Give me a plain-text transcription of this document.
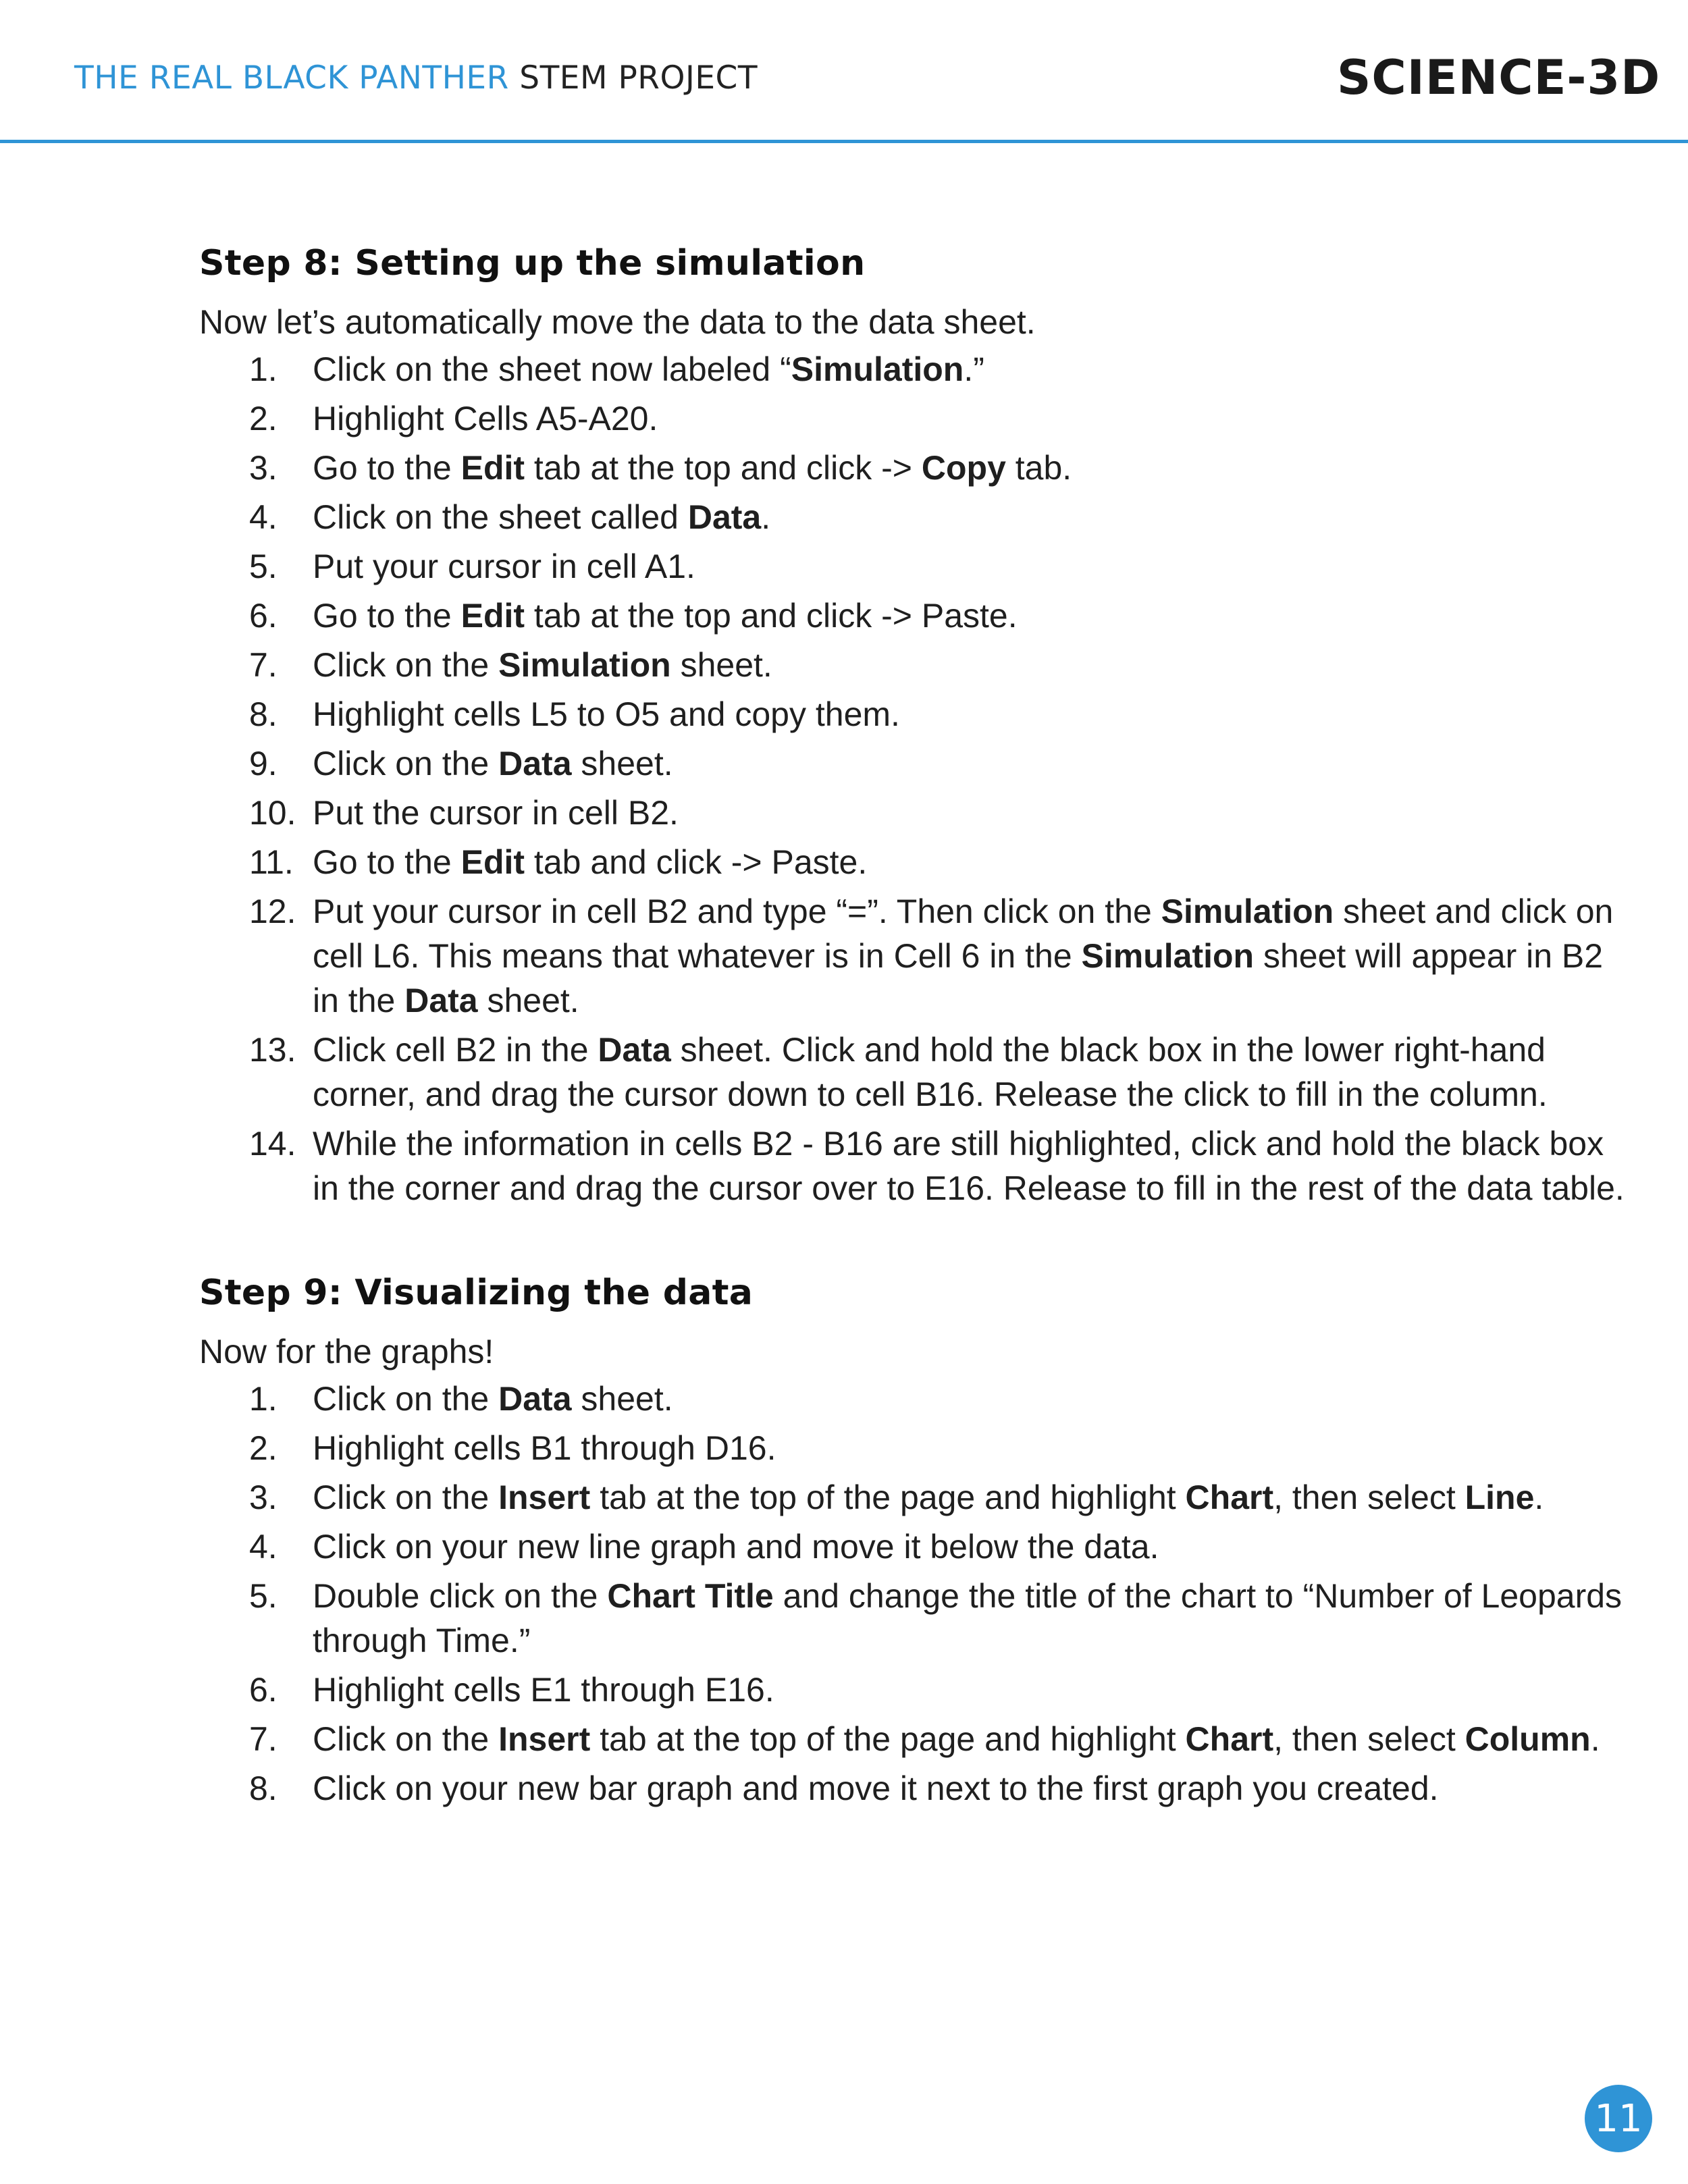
THE REAL BLACK PANTHER STEM PROJECT	SCIENCE-3D
Step 8: Setting up the simulation
Now let’s automatically move the data to the data sheet.
1. Click on the sheet now labeled “Simulation.”
2. Highlight Cells A5-A20.
3. Go to the Edit tab at the top and click -> Copy tab.
4. Click on the sheet called Data.
5. Put your cursor in cell A1.
6. Go to the Edit tab at the top and click -> Paste.
7. Click on the Simulation sheet.
8. Highlight cells L5 to O5 and copy them.
9. Click on the Data sheet.
10. Put the cursor in cell B2.
11. Go to the Edit tab and click -> Paste.
12. Put your cursor in cell B2 and type “=”. Then click on the Simulation sheet and click on cell L6. This means that whatever is in Cell 6 in the Simulation sheet will appear in B2 in the Data sheet.
13. Click cell B2 in the Data sheet. Click and hold the black box in the lower right-hand corner, and drag the cursor down to cell B16. Release the click to fill in the column.
14. While the information in cells B2 - B16 are still highlighted, click and hold the black box in the corner and drag the cursor over to E16. Release to fill in the rest of the data table.
Step 9: Visualizing the data
Now for the graphs!
1. Click on the Data sheet.
2. Highlight cells B1 through D16.
3. Click on the Insert tab at the top of the page and highlight Chart, then select Line.
4. Click on your new line graph and move it below the data.
5. Double click on the Chart Title and change the title of the chart to “Number of Leopards through Time.”
6. Highlight cells E1 through E16.
7. Click on the Insert tab at the top of the page and highlight Chart, then select Column.
8. Click on your new bar graph and move it next to the first graph you created.
11
